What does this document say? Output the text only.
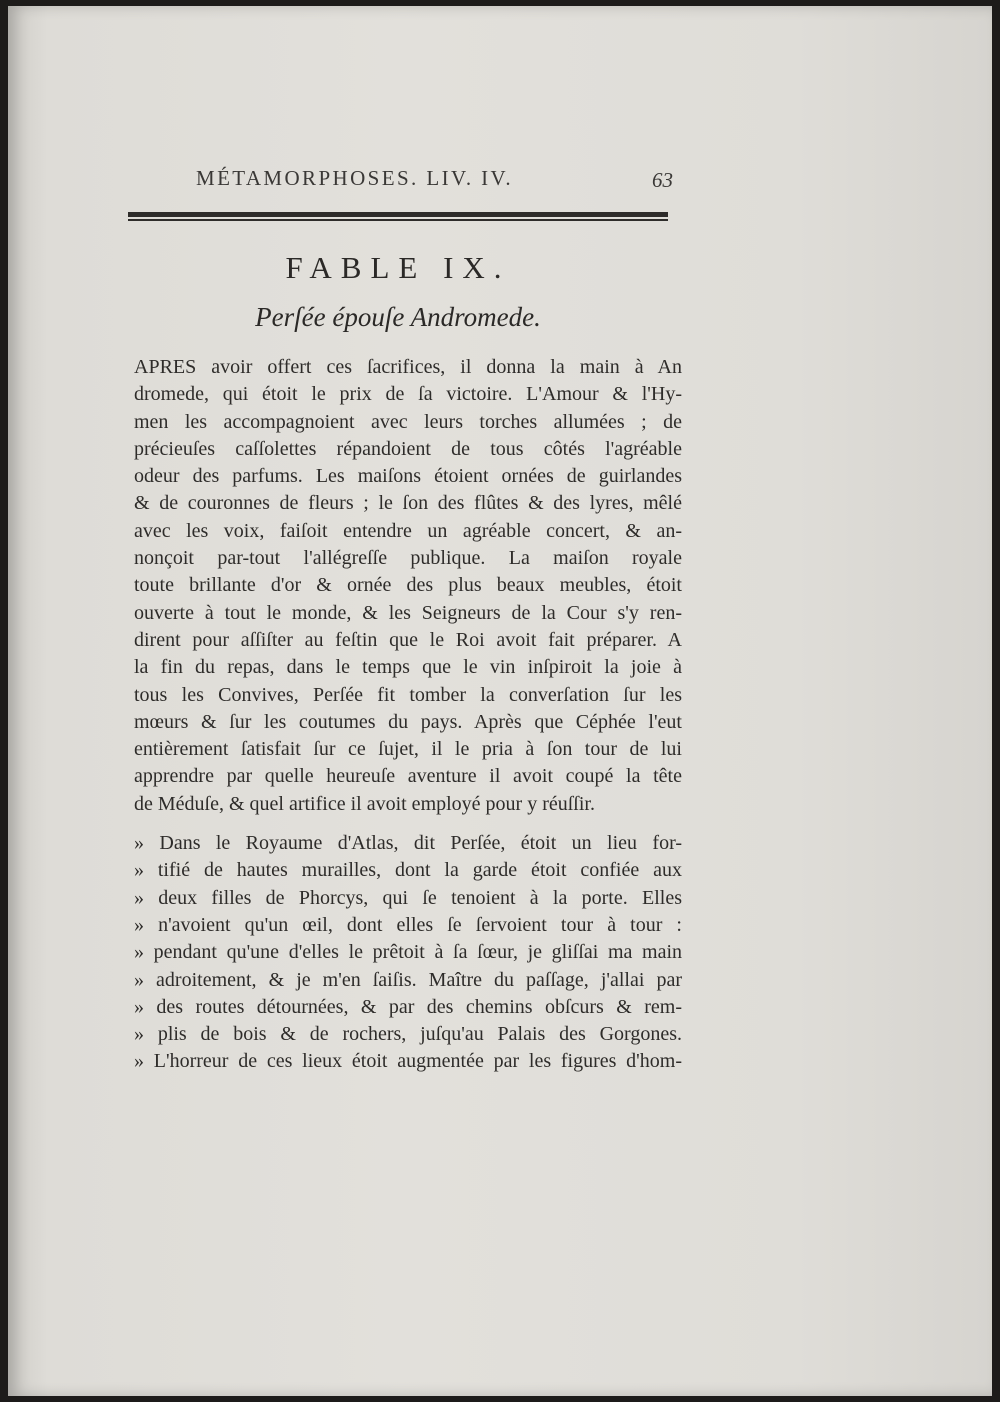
MÉTAMORPHOSES. LIV. IV.	63
FABLE IX.
Perſée épouſe Andromede.
APRES avoir offert ces ſacrifices, il donna la main à An
dromede, qui étoit le prix de ſa victoire. L'Amour & l'Hy-
men les accompagnoient avec leurs torches allumées ; de
précieuſes caſſolettes répandoient de tous côtés l'agréable
odeur des parfums. Les maiſons étoient ornées de guirlandes
& de couronnes de fleurs ; le ſon des flûtes & des lyres, mêlé
avec les voix, faiſoit entendre un agréable concert, & an-
nonçoit par-tout l'allégreſſe publique. La maiſon royale
toute brillante d'or & ornée des plus beaux meubles, étoit
ouverte à tout le monde, & les Seigneurs de la Cour s'y ren-
dirent pour aſſiſter au feſtin que le Roi avoit fait préparer. A
la fin du repas, dans le temps que le vin inſpiroit la joie à
tous les Convives, Perſée fit tomber la converſation ſur les
mœurs & ſur les coutumes du pays. Après que Céphée l'eut
entièrement ſatisfait ſur ce ſujet, il le pria à ſon tour de lui
apprendre par quelle heureuſe aventure il avoit coupé la tête
de Méduſe, & quel artifice il avoit employé pour y réuſſir.
» Dans le Royaume d'Atlas, dit Perſée, étoit un lieu for-
» tifié de hautes murailles, dont la garde étoit confiée aux
» deux filles de Phorcys, qui ſe tenoient à la porte. Elles
» n'avoient qu'un œil, dont elles ſe ſervoient tour à tour :
» pendant qu'une d'elles le prêtoit à ſa ſœur, je gliſſai ma main
» adroitement, & je m'en ſaiſis. Maître du paſſage, j'allai par
» des routes détournées, & par des chemins obſcurs & rem-
» plis de bois & de rochers, juſqu'au Palais des Gorgones.
» L'horreur de ces lieux étoit augmentée par les figures d'hom-
